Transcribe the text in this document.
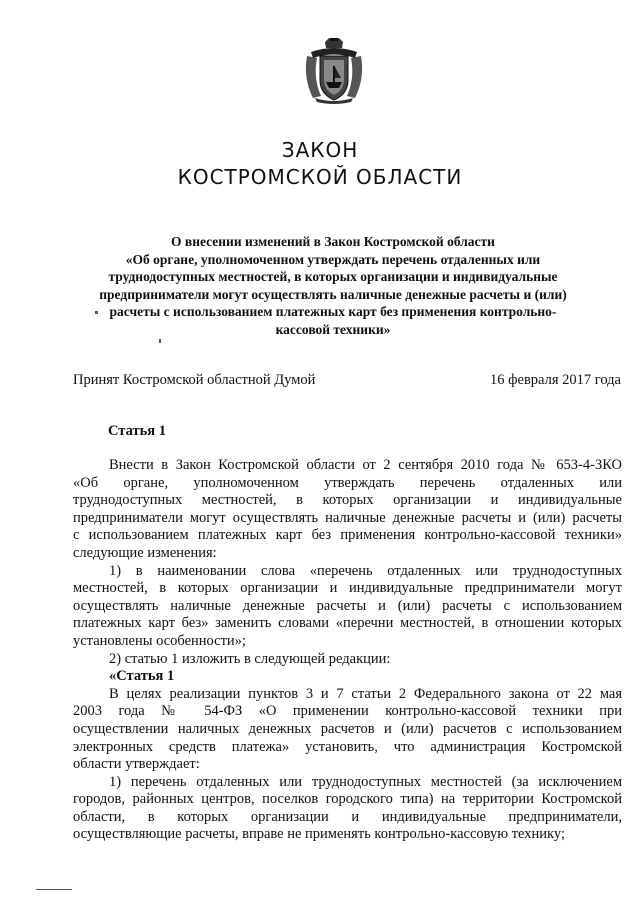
ЗАКОН
КОСТРОМСКОЙ ОБЛАСТИ
О внесении изменений в Закон Костромской области
«Об органе, уполномоченном утверждать перечень отдаленных или
труднодоступных местностей, в которых организации и индивидуальные
предприниматели могут осуществлять наличные денежные расчеты и (или)
расчеты с использованием платежных карт без применения контрольно-
кассовой техники»
Принят Костромской областной Думой	16 февраля 2017 года
Статья 1
Внести в Закон Костромской области от 2 сентября 2010 года № 653-4-ЗКО
«Об органе, уполномоченном утверждать перечень отдаленных или
труднодоступных местностей, в которых организации и индивидуальные
предприниматели могут осуществлять наличные денежные расчеты и (или) расчеты
с использованием платежных карт без применения контрольно-кассовой техники»
следующие изменения:
1) в наименовании слова «перечень отдаленных или труднодоступных
местностей, в которых организации и индивидуальные предприниматели могут
осуществлять наличные денежные расчеты и (или) расчеты с использованием
платежных карт без» заменить словами «перечни местностей, в отношении которых
установлены особенности»;
2) статью 1 изложить в следующей редакции:
«Статья 1
В целях реализации пунктов 3 и 7 статьи 2 Федерального закона от 22 мая
2003 года № 54-ФЗ «О применении контрольно-кассовой техники при
осуществлении наличных денежных расчетов и (или) расчетов с использованием
электронных средств платежа» установить, что администрация Костромской
области утверждает:
1) перечень отдаленных или труднодоступных местностей (за исключением
городов, районных центров, поселков городского типа) на территории Костромской
области, в которых организации и индивидуальные предприниматели,
осуществляющие расчеты, вправе не применять контрольно-кассовую технику;
